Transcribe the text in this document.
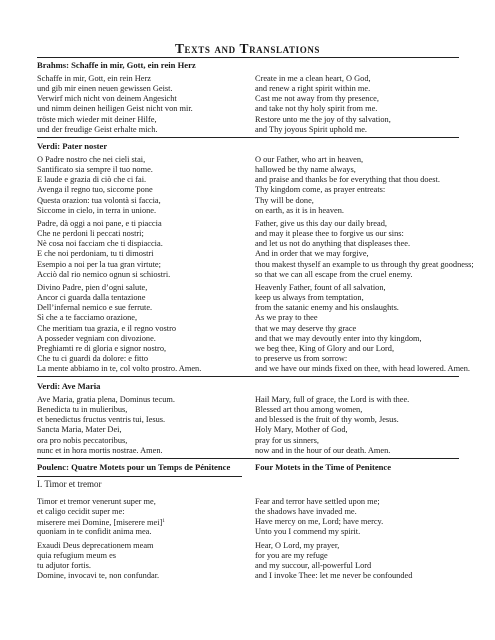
Texts and Translations
Brahms: Schaffe in mir, Gott, ein rein Herz
Schaffe in mir, Gott, ein rein Herz
und gib mir einen neuen gewissen Geist.
Verwirf mich nicht von deinem Angesicht
und nimm deinen heiligen Geist nicht von mir.
tröste mich wieder mit deiner Hilfe,
und der freudige Geist erhalte mich.
Create in me a clean heart, O God,
and renew a right spirit within me.
Cast me not away from thy presence,
and take not thy holy spirit from me.
Restore unto me the joy of thy salvation,
and Thy joyous Spirit uphold me.
Verdi: Pater noster
O Padre nostro che nei cieli stai,
Santificato sia sempre il tuo nome.
E laude e grazia di ciò che ci fai.
Avenga il regno tuo, siccome pone
Questa orazion: tua volontà si faccia,
Siccome in cielo, in terra in unione.
O our Father, who art in heaven,
hallowed be thy name always,
and praise and thanks be for everything that thou doest.
Thy kingdom come, as prayer entreats:
Thy will be done,
on earth, as it is in heaven.
Padre, dà oggi a noi pane, e ti piaccia
Che ne perdoni li peccati nostri;
Nè cosa noi facciam che ti dispiaccia.
E che noi perdoniam, tu ti dimostri
Esempio a noi per la tua gran virtute;
Acciò dal rio nemico ognun si schiostri.
Father, give us this day our daily bread,
and may it please thee to forgive us our sins:
and let us not do anything that displeases thee.
And in order that we may forgive,
thou makest thyself an example to us through thy great goodness;
so that we can all escape from the cruel enemy.
Divino Padre, pien d’ogni salute,
Ancor ci guarda dalla tentazione
Dell’infernal nemico e sue ferrute.
Sì che a te facciamo orazione,
Che meritiam tua grazia, e il regno vostro
A posseder vegniam con divozione.
Preghiamti re di gloria e signor nostro,
Che tu ci guardi da dolore: e fitto
La mente abbiamo in te, col volto prostro. Amen.
Heavenly Father, fount of all salvation,
keep us always from temptation,
from the satanic enemy and his onslaughts.
As we pray to thee
that we may deserve thy grace
and that we may devoutly enter into thy kingdom,
we beg thee, King of Glory and our Lord,
to preserve us from sorrow:
and we have our minds fixed on thee, with head lowered. Amen.
Verdi: Ave Maria
Ave Maria, gratia plena, Dominus tecum.
Benedicta tu in mulieribus,
et benedictus fructus ventris tui, Iesus.
Sancta Maria, Mater Dei,
ora pro nobis peccatoribus,
nunc et in hora mortis nostrae. Amen.
Hail Mary, full of grace, the Lord is with thee.
Blessed art thou among women,
and blessed is the fruit of thy womb, Jesus.
Holy Mary, Mother of God,
pray for us sinners,
now and in the hour of our death. Amen.
Poulenc: Quatre Motets pour un Temps de Pénitence	Four Motets in the Time of Penitence
I. Timor et tremor
Timor et tremor venerunt super me,
et caligo cecidit super me:
miserere mei Domine, [miserere mei]$^1$
quoniam in te confidit anima mea.
Fear and terror have settled upon me;
the shadows have invaded me.
Have mercy on me, Lord; have mercy.
Unto you I commend my spirit.
Exaudi Deus deprecationem meam
quia refugium meum es
tu adjutor fortis.
Domine, invocavi te, non confundar.
Hear, O Lord, my prayer,
for you are my refuge
and my succour, all-powerful Lord
and I invoke Thee: let me never be confounded
